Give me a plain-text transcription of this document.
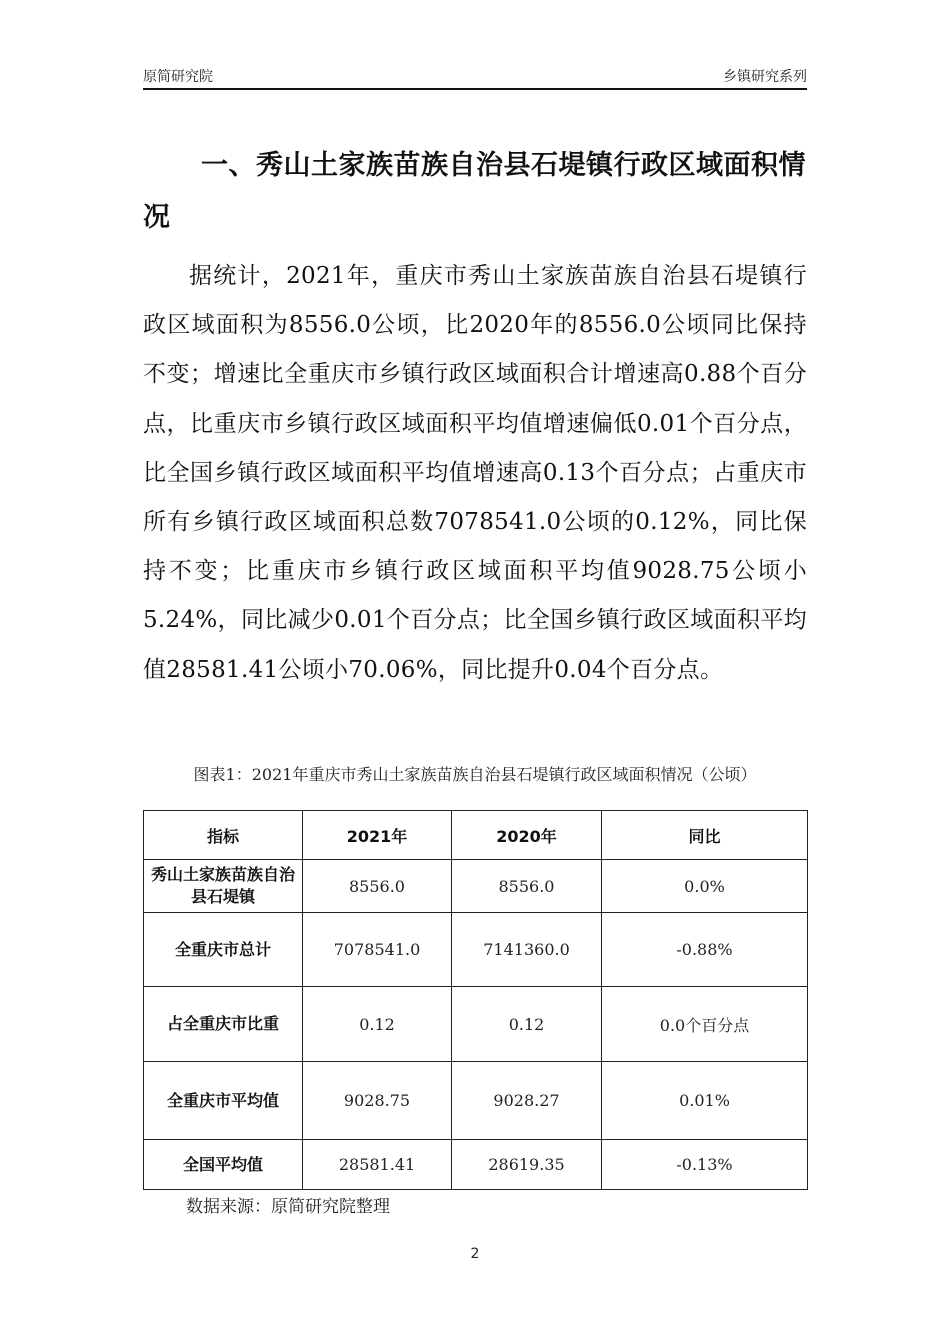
原简研究院	乡镇研究系列
一、秀山土家族苗族自治县石堤镇行政区域面积情况
据统计，2021年，重庆市秀山土家族苗族自治县石堤镇行政区域面积为8556.0公顷，比2020年的8556.0公顷同比保持不变；增速比全重庆市乡镇行政区域面积合计增速高0.88个百分点，比重庆市乡镇行政区域面积平均值增速偏低0.01个百分点，比全国乡镇行政区域面积平均值增速高0.13个百分点；占重庆市所有乡镇行政区域面积总数7078541.0公顷的0.12%，同比保持不变；比重庆市乡镇行政区域面积平均值9028.75公顷小5.24%，同比减少0.01个百分点；比全国乡镇行政区域面积平均值28581.41公顷小70.06%，同比提升0.04个百分点。
图表1：2021年重庆市秀山土家族苗族自治县石堤镇行政区域面积情况（公顷）
指标	2021年	2020年	同比
秀山土家族苗族自治县石堤镇	8556.0	8556.0	0.0%
全重庆市总计	7078541.0	7141360.0	-0.88%
占全重庆市比重	0.12	0.12	0.0个百分点
全重庆市平均值	9028.75	9028.27	0.01%
全国平均值	28581.41	28619.35	-0.13%
数据来源：原简研究院整理
2
